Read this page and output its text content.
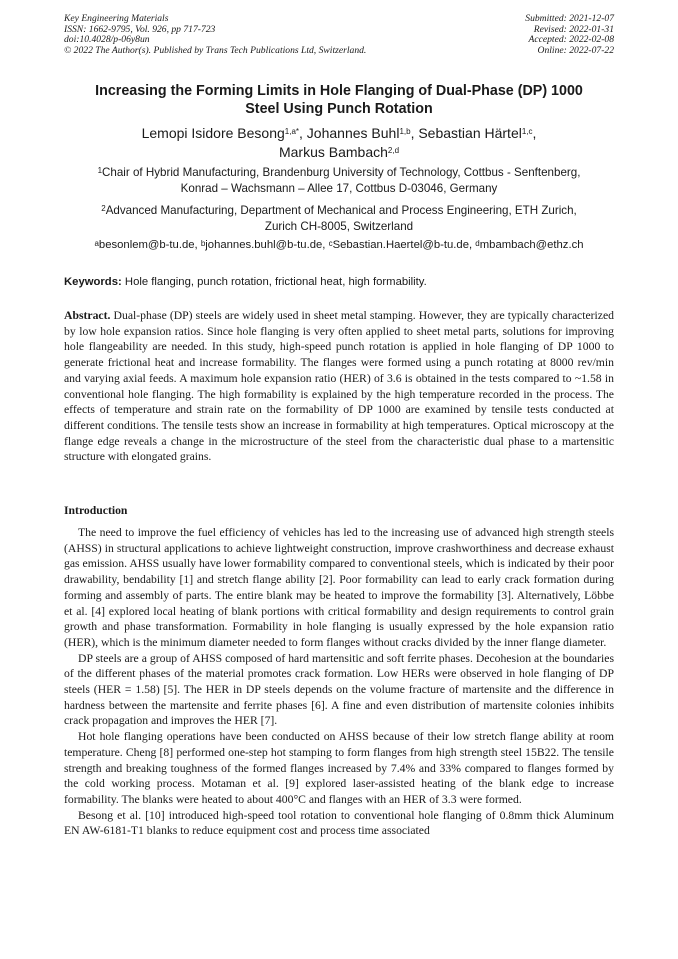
Key Engineering Materials
ISSN: 1662-9795, Vol. 926, pp 717-723
doi:10.4028/p-06y8un
© 2022 The Author(s). Published by Trans Tech Publications Ltd, Switzerland.
Submitted: 2021-12-07
Revised: 2022-01-31
Accepted: 2022-02-08
Online: 2022-07-22
Increasing the Forming Limits in Hole Flanging of Dual-Phase (DP) 1000
Steel Using Punch Rotation
Lemopi Isidore Besong$^{1,a*}$, Johannes Buhl$^{1,b}$, Sebastian Härtel$^{1,c}$,
Markus Bambach$^{2,d}$
$^1$Chair of Hybrid Manufacturing, Brandenburg University of Technology, Cottbus - Senftenberg,
Konrad – Wachsmann – Allee 17, Cottbus D-03046, Germany
$^2$Advanced Manufacturing, Department of Mechanical and Process Engineering, ETH Zurich,
Zurich CH-8005, Switzerland
$^a$besonlem@b-tu.de, $^b$johannes.buhl@b-tu.de, $^c$Sebastian.Haertel@b-tu.de, $^d$mbambach@ethz.ch
Keywords: Hole flanging, punch rotation, frictional heat, high formability.

Abstract. Dual-phase (DP) steels are widely used in sheet metal stamping. However, they are typically characterized by low hole expansion ratios. Since hole flanging is very often applied to sheet metal parts, solutions for improving hole flangeability are needed. In this study, high-speed punch rotation is applied in hole flanging of DP 1000 to generate frictional heat and increase formability. The flanges were formed using a punch rotating at 8000 rev/min and varying axial feeds. A maximum hole expansion ratio (HER) of 3.6 is obtained in the tests compared to ~1.58 in conventional hole flanging. The high formability is explained by the high temperature recorded in the process. The effects of temperature and strain rate on the formability of DP 1000 are examined by tensile tests conducted at different conditions. The tensile tests show an increase in formability at high temperatures. Optical microscopy at the flange edge reveals a change in the microstructure of the steel from the characteristic dual phase to a martensitic structure with elongated grains.

Introduction

The need to improve the fuel efficiency of vehicles has led to the increasing use of advanced high strength steels (AHSS) in structural applications to achieve lightweight construction, improve crashworthiness and decrease exhaust gas emission. AHSS usually have lower formability compared to conventional steels, which is indicated by their poor drawability, bendability [1] and stretch flange ability [2]. Poor formability can lead to early crack formation during forming and assembly of parts. The entire blank may be heated to improve the formability [3]. Alternatively, Löbbe et al. [4] explored local heating of blank portions with critical formability and design requirements to control grain growth and phase transformation. Formability in hole flanging is usually expressed by the hole expansion ratio (HER), which is the minimum diameter needed to form flanges without cracks divided by the inner flange diameter.

DP steels are a group of AHSS composed of hard martensitic and soft ferrite phases. Decohesion at the boundaries of the different phases of the material promotes crack formation. Low HERs were observed in hole flanging of DP steels (HER = 1.58) [5]. The HER in DP steels depends on the volume fracture of martensite and the difference in hardness between the martensite and ferrite phases [6]. A fine and even distribution of martensite colonies inhibits crack propagation and improves the HER [7].

Hot hole flanging operations have been conducted on AHSS because of their low stretch flange ability at room temperature. Cheng [8] performed one-step hot stamping to form flanges from high strength steel 15B22. The tensile strength and breaking toughness of the formed flanges increased by 7.4% and 33% compared to flanges formed by the cold working process. Motaman et al. [9] explored laser-assisted heating of the blank edge to increase formability. The blanks were heated to about 400°C and flanges with an HER of 3.3 were formed.

Besong et al. [10] introduced high-speed tool rotation to conventional hole flanging of 0.8mm thick Aluminum EN AW-6181-T1 blanks to reduce equipment cost and process time associated
